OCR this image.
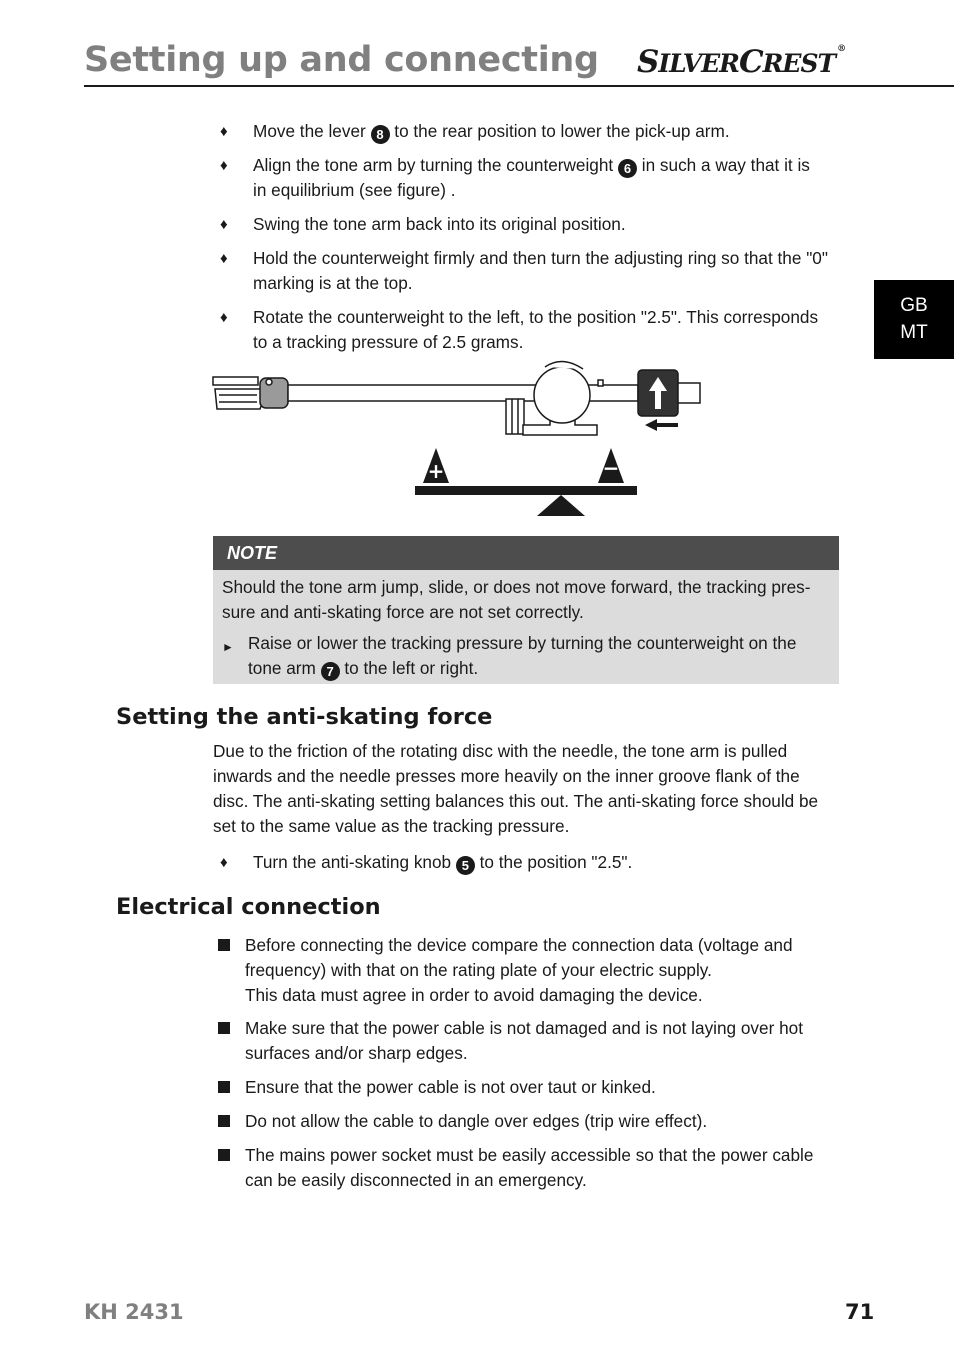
Setting up and connecting SILVERCREST ®
GB
MT
♦	Move the lever 8 to the rear position to lower the pick-up arm.
♦	Align the tone arm by turning the counterweight 6 in such a way that it is in equilibrium (see figure) .
♦	Swing the tone arm back into its original position.
♦	Hold the counterweight firmly and then turn the adjusting ring so that the "0" marking is at the top.
♦	Rotate the counterweight to the left, to the position "2.5". This corresponds to a tracking pressure of 2.5 grams.
+	−
NOTE
Should the tone arm jump, slide, or does not move forward, the tracking pres-sure and anti-skating force are not set correctly.
► Raise or lower the tracking pressure by turning the counterweight on the tone arm 7 to the left or right.
Setting the anti-skating force
Due to the friction of the rotating disc with the needle, the tone arm is pulled inwards and the needle presses more heavily on the inner groove flank of the disc. The anti-skating setting balances this out. The anti-skating force should be set to the same value as the tracking pressure.
♦	Turn the anti-skating knob 5 to the position "2.5".
Electrical connection
Before connecting the device compare the connection data (voltage and frequency) with that on the rating plate of your electric supply.
This data must agree in order to avoid damaging the device.
Make sure that the power cable is not damaged and is not laying over hot surfaces and/or sharp edges.
Ensure that the power cable is not over taut or kinked.
Do not allow the cable to dangle over edges (trip wire effect).
The mains power socket must be easily accessible so that the power cable can be easily disconnected in an emergency.
KH 2431	71
